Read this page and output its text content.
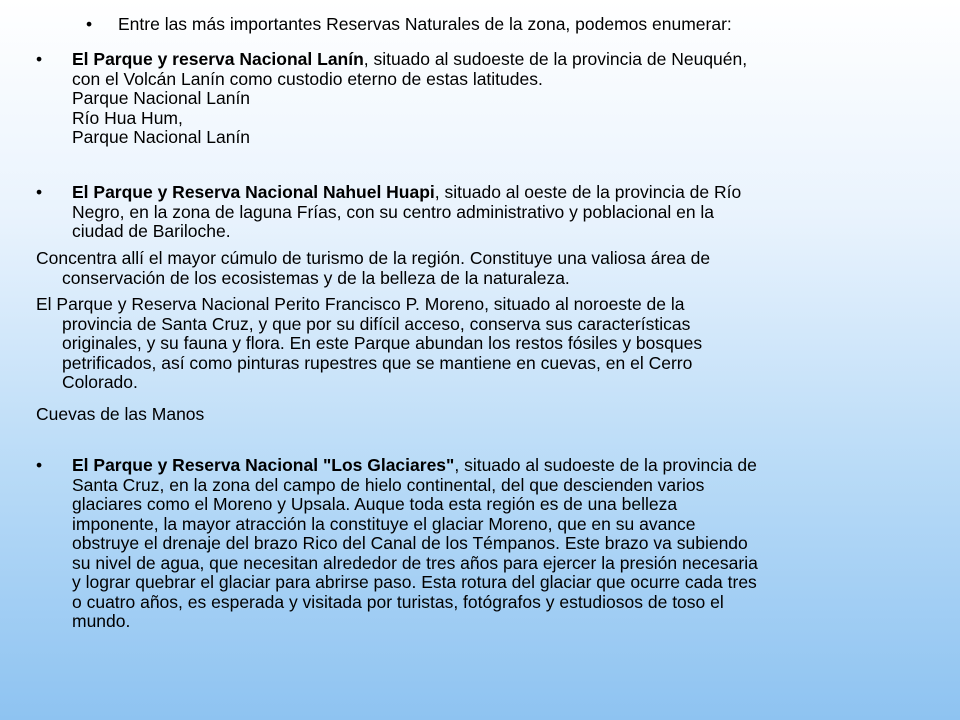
• Entre las más importantes Reservas Naturales de la zona, podemos enumerar:

• El Parque y reserva Nacional Lanín, situado al sudoeste de la provincia de Neuquén,
con el Volcán Lanín como custodio eterno de estas latitudes.
Parque Nacional Lanín
Río Hua Hum,
Parque Nacional Lanín

• El Parque y Reserva Nacional Nahuel Huapi, situado al oeste de la provincia de Río
Negro, en la zona de laguna Frías, con su centro administrativo y poblacional en la
ciudad de Bariloche.

Concentra allí el mayor cúmulo de turismo de la región. Constituye una valiosa área de
conservación de los ecosistemas y de la belleza de la naturaleza.

El Parque y Reserva Nacional Perito Francisco P. Moreno, situado al noroeste de la
provincia de Santa Cruz, y que por su difícil acceso, conserva sus características
originales, y su fauna y flora. En este Parque abundan los restos fósiles y bosques
petrificados, así como pinturas rupestres que se mantiene en cuevas, en el Cerro
Colorado.

Cuevas de las Manos

• El Parque y Reserva Nacional "Los Glaciares", situado al sudoeste de la provincia de
Santa Cruz, en la zona del campo de hielo continental, del que descienden varios
glaciares como el Moreno y Upsala. Auque toda esta región es de una belleza
imponente, la mayor atracción la constituye el glaciar Moreno, que en su avance
obstruye el drenaje del brazo Rico del Canal de los Témpanos. Este brazo va subiendo
su nivel de agua, que necesitan alrededor de tres años para ejercer la presión necesaria
y lograr quebrar el glaciar para abrirse paso. Esta rotura del glaciar que ocurre cada tres
o cuatro años, es esperada y visitada por turistas, fotógrafos y estudiosos de toso el
mundo.
